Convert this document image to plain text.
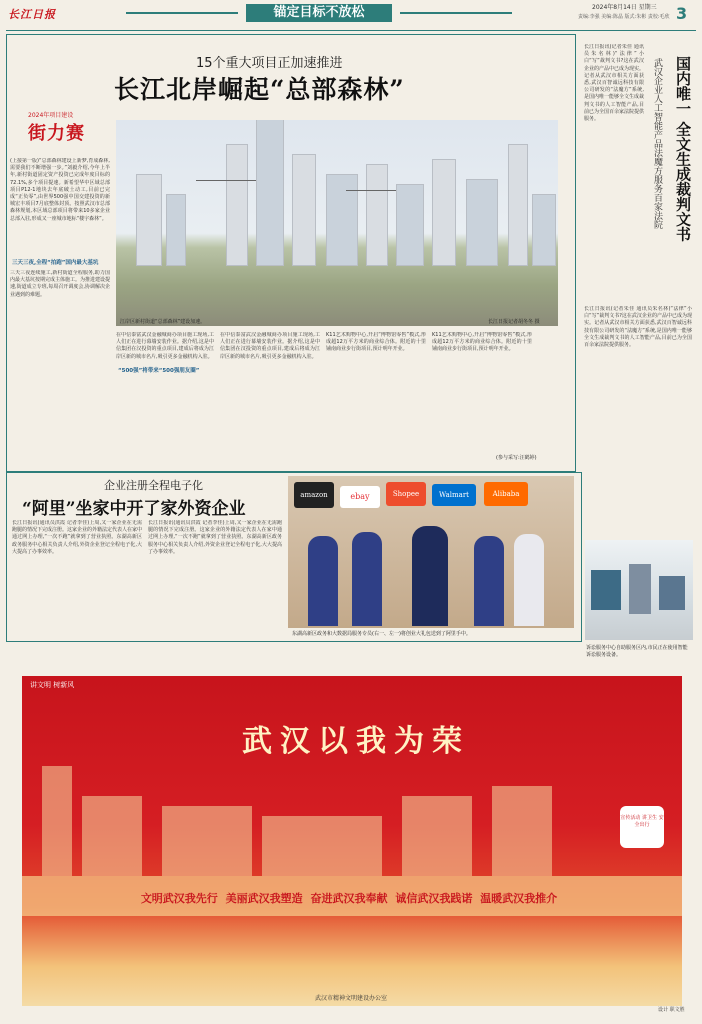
长江日报	锚定目标不放松	2024年8月14日 星期三
责编:李强 美编:陈晶 版式:朱彬 责校:毛欣 3
15个重大项目正加速推进
长江北岸崛起“总部森林”
2024年项目建设
街力赛
(上接第一版)“总部森林建设上新梦,育成森林,需要我们不断增强一步。”刘毅介绍,今年上半年,新村街道固定资产投资已完成年度目标的72.1%,多个项目提速。新希望华中区域总部项目P12-1地块去年底破土动工,目前已完成“正负零”,由世界500强中国交建投资的新城宏丰项目7月底整体封顶。按照武汉市总部森林规划,本区域总部项目将带来10多家企业总部入驻,形成又一座城市地标“楼宇森林”。
三天三夜,全程“拍跑”国内最大基坑
三天三夜连续施工,新村街道全程服务,助力国内最大基坑按期完成主体施工。为推进建设提速,街道成立专班,每周召开调度会,协调解决企业遇到的难题。
江岸区新村街道“总部森林”建设加速。	长江日报记者胡冬冬 摄
在中信泰富武汉金融城商办项目施工现场,工人们正在进行幕墙安装作业。据介绍,这是中信集团在汉投资的重点项目,建成后将成为江岸区新的城市名片,吸引更多金融机构入驻。
“500强”将带来“500强朋友圈”
在中信泰富武汉金融城商办项目施工现场,工人们正在进行幕墙安装作业。据介绍,这是中信集团在汉投资的重点项目,建成后将成为江岸区新的城市名片,吸引更多金融机构入驻。
K11艺术购物中心,开启“博物馆零售”模式,形成超12万平方米的商业综合体。附近的十里铺南商业步行街项目,预计明年开业。
K11艺术购物中心,开启“博物馆零售”模式,形成超12万平方米的商业综合体。附近的十里铺南商业步行街项目,预计明年开业。
(参与采写:汪鹤婷)
长江日报讯(记者朱佳 通讯员朱名林)“法律”小白“写”裁判文书?这在武汉企业的产品中已成为现实。记者从武汉市相关方面获悉,武汉百智诚远科技有限公司研发的“法魔方”系统,是国内唯一能够全文生成裁判文书的人工智能产品,目前已为全国百余家法院提供服务。	国内唯一 全文生成裁判文书
武汉企业人工智能产品法魔方服务百家法院
长江日报讯(记者朱佳 通讯员朱名林)“法律”小白“写”裁判文书?这在武汉企业的产品中已成为现实。记者从武汉市相关方面获悉,武汉百智诚远科技有限公司研发的“法魔方”系统,是国内唯一能够全文生成裁判文书的人工智能产品,目前已为全国百余家法院提供服务。
诉讼服务中心自助服务区内,市民正在使用智能诉讼服务设备。
企业注册全程电子化
“阿里”坐家中开了家外资企业
长江日报讯(通讯员洪霞 记者李佳)上周,又一家企业在无需跑腿的情况下完成注册。这家企业的外籍法定代表人在家中通过网上办理,“一次不跑”就拿到了营业执照。东湖高新区政务服务中心相关负责人介绍,外资企业登记全程电子化,大大提高了办事效率。
长江日报讯(通讯员洪霞 记者李佳)上周,又一家企业在无需跑腿的情况下完成注册。这家企业的外籍法定代表人在家中通过网上办理,“一次不跑”就拿到了营业执照。东湖高新区政务服务中心相关负责人介绍,外资企业登记全程电子化,大大提高了办事效率。
amazon	ebay	Shopee	Walmart	Alibaba
东湖高新区政务和大数据局服务专员(右一、左一)将创业大礼包送到了阿里手中。
讲文明 树新风
武汉以我为荣
宣传活动 讲卫生 安全出行
文明武汉我先行 美丽武汉我塑造 奋进武汉我奉献 诚信武汉我践诺 温暖武汉我推介
武汉市精神文明建设办公室
设计 职文胜
